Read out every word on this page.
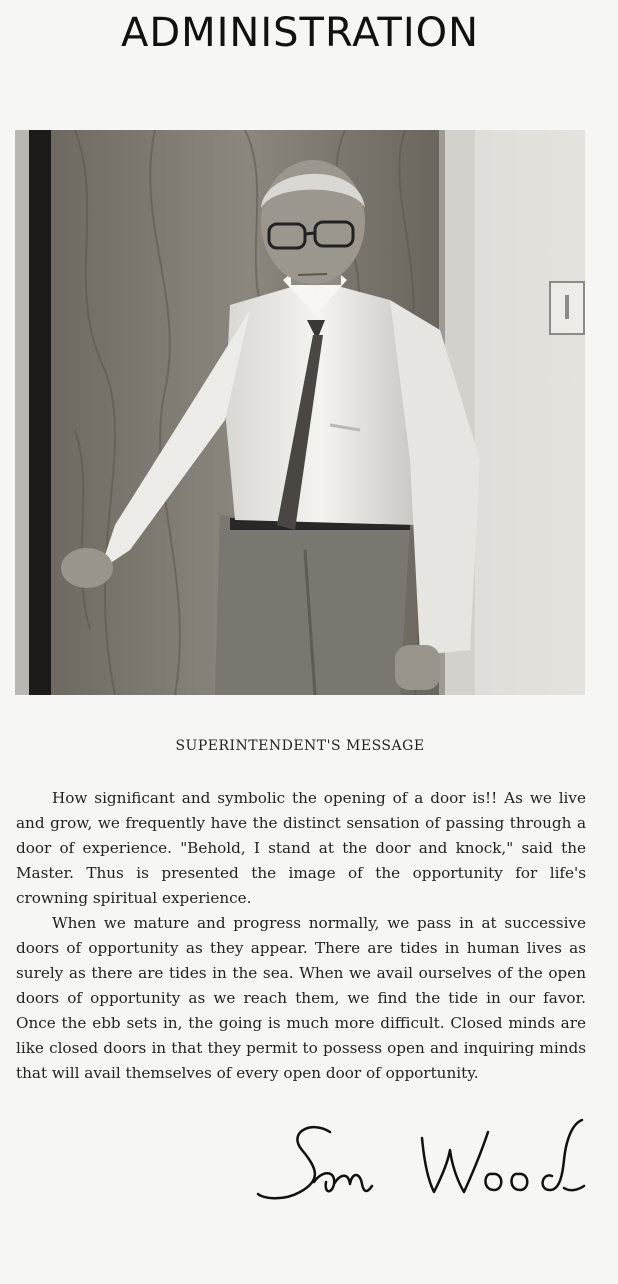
ADMINISTRATION
SUPERINTENDENT'S MESSAGE

How significant and symbolic the opening of a door is!! As we live and grow, we frequently have the distinct sensation of passing through a door of experience. "Behold, I stand at the door and knock," said the Master. Thus is presented the image of the opportunity for life's crowning spiritual experience.

When we mature and progress normally, we pass in at successive doors of opportunity as they appear. There are tides in human lives as surely as there are tides in the sea. When we avail ourselves of the open doors of opportunity as we reach them, we find the tide in our favor. Once the ebb sets in, the going is much more difficult. Closed minds are like closed doors in that they permit to possess open and inquiring minds that will avail themselves of every open door of opportunity.
